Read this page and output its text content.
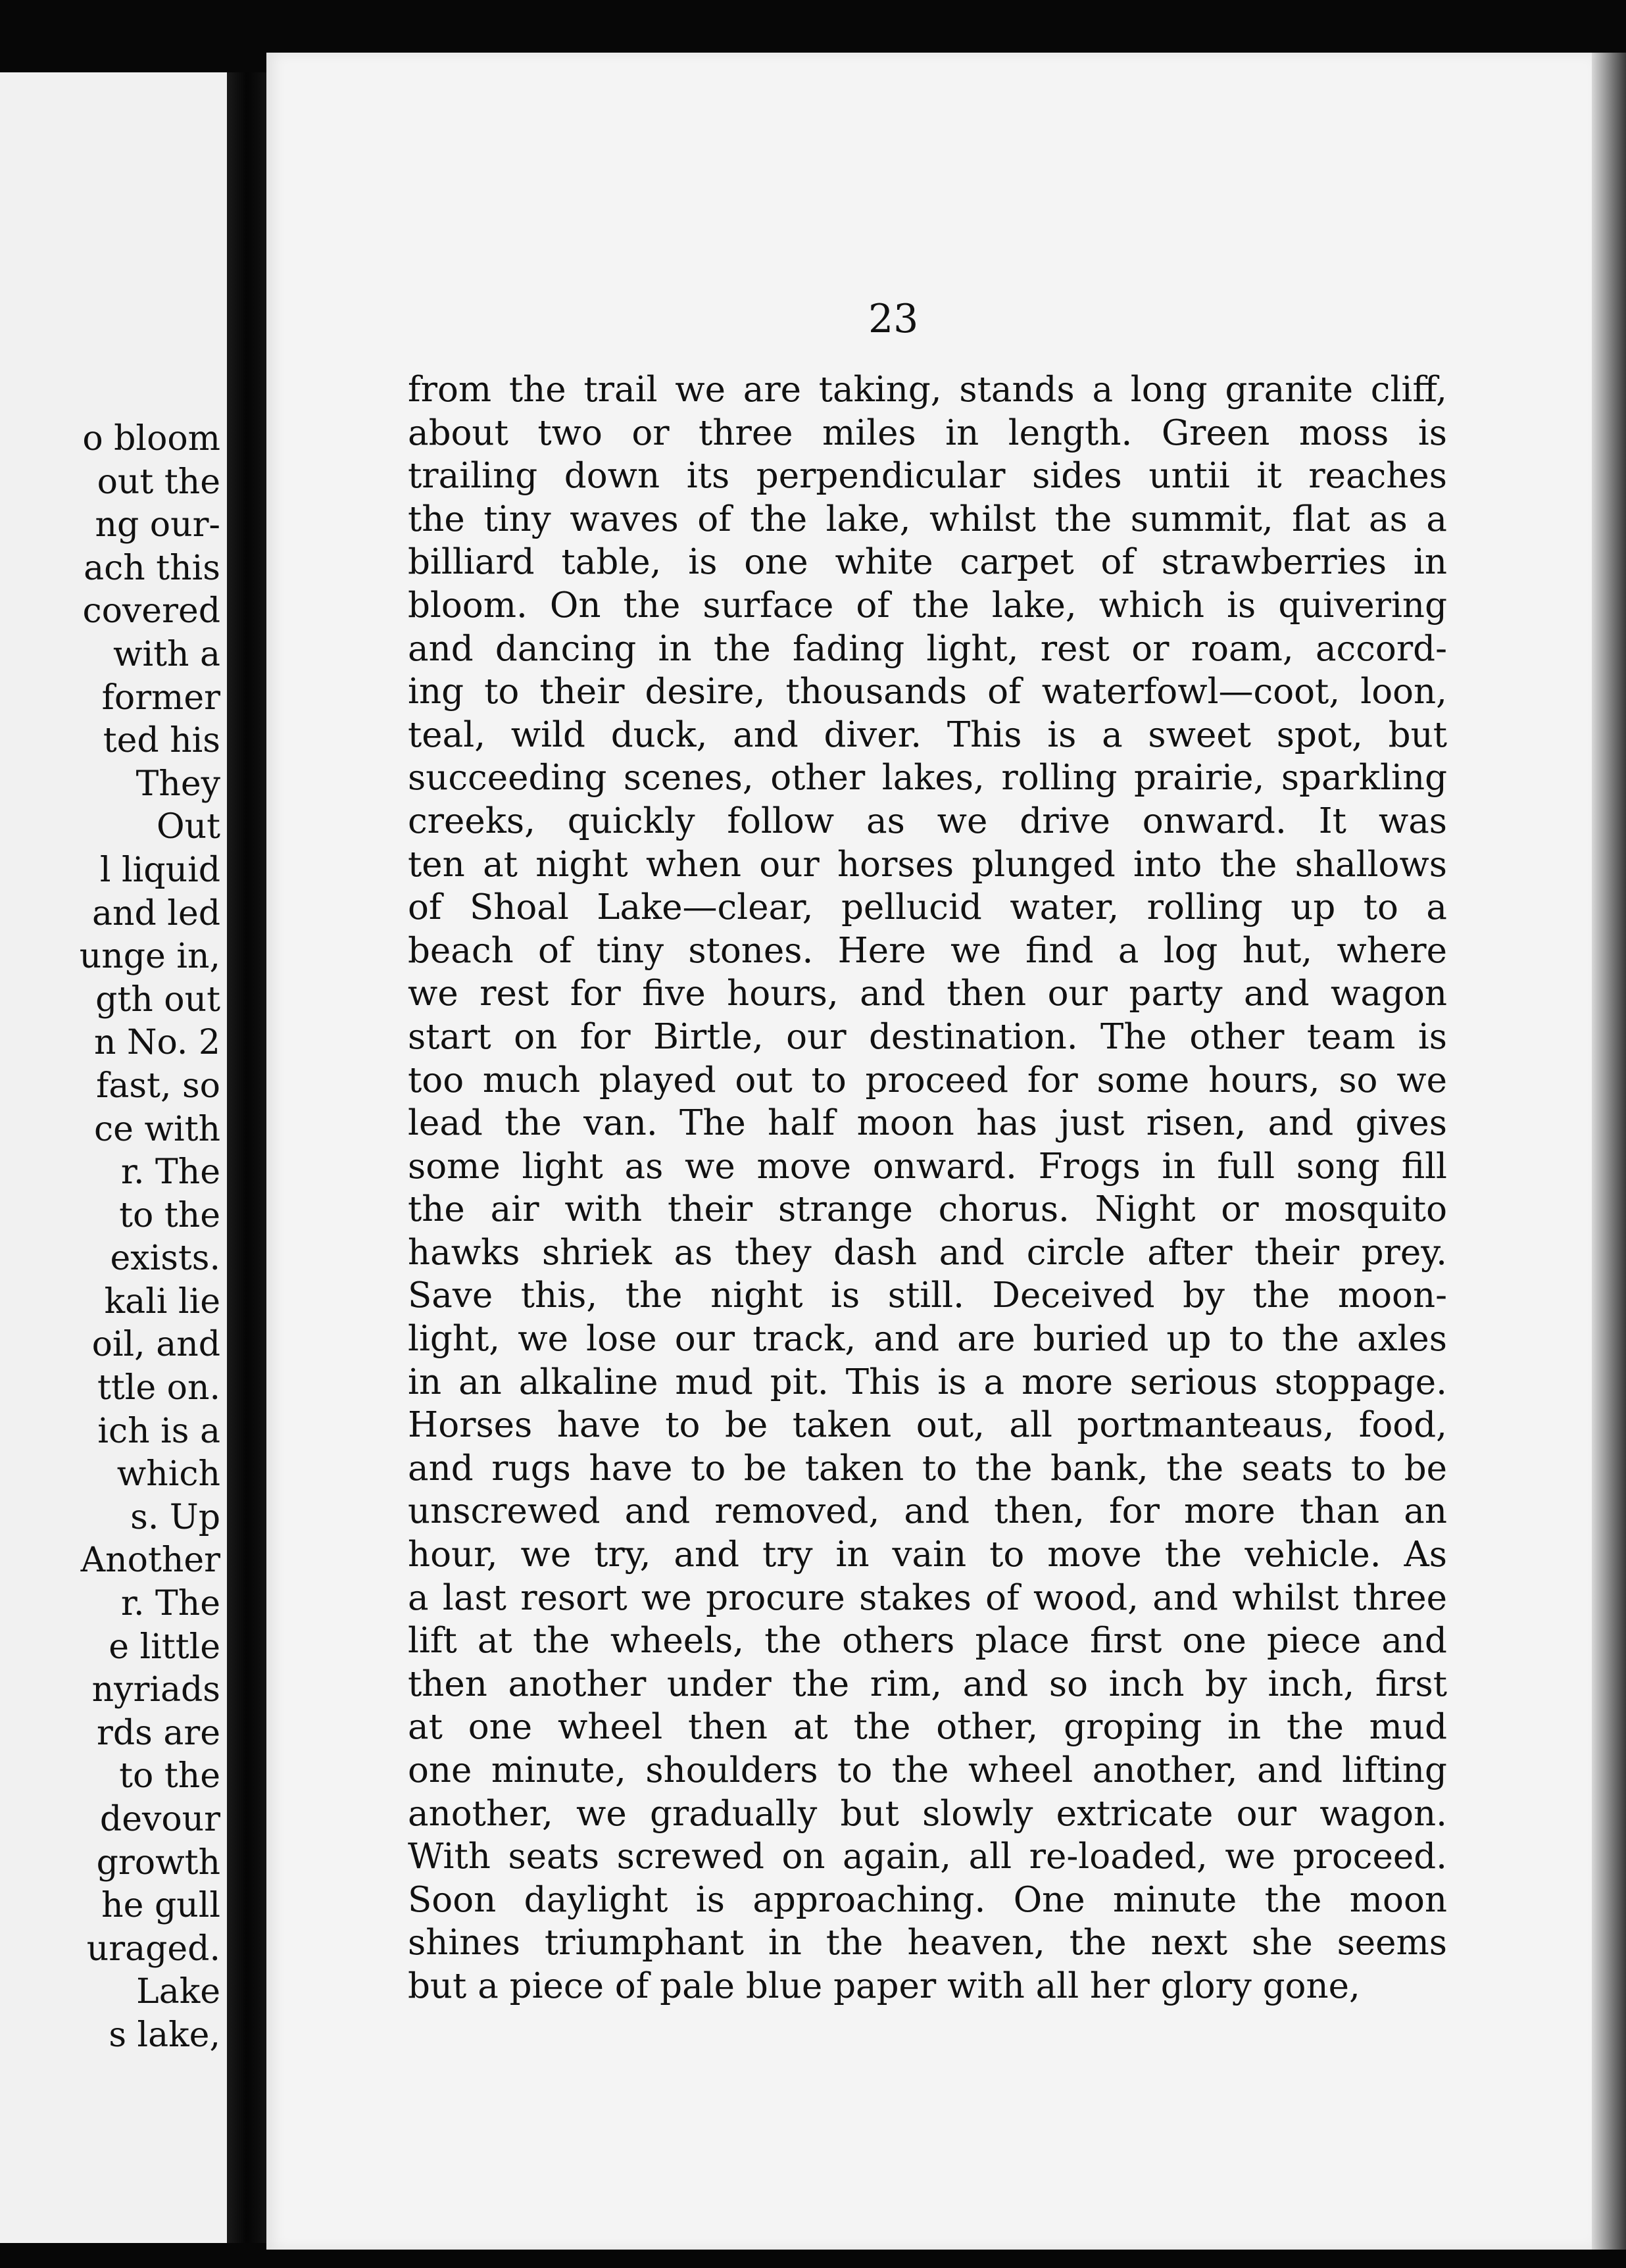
o bloom
out the
ng our-
ach this
covered
with a
former
ted his
They
Out
l liquid
and led
unge in,
gth out
n No. 2
fast, so
ce with
r. The
to the
exists.
kali lie
oil, and
ttle on.
ich is a
which
s. Up
Another
r. The
e little
nyriads
rds are
to the
devour
growth
he gull
uraged.
Lake
s lake,
23
from the trail we are taking, stands a long granite cliff,
about two or three miles in length. Green moss is
trailing down its perpendicular sides untii it reaches
the tiny waves of the lake, whilst the summit, flat as a
billiard table, is one white carpet of strawberries in
bloom. On the surface of the lake, which is quivering
and dancing in the fading light, rest or roam, accord-
ing to their desire, thousands of waterfowl—coot, loon,
teal, wild duck, and diver. This is a sweet spot, but
succeeding scenes, other lakes, rolling prairie, sparkling
creeks, quickly follow as we drive onward. It was
ten at night when our horses plunged into the shallows
of Shoal Lake—clear, pellucid water, rolling up to a
beach of tiny stones. Here we find a log hut, where
we rest for five hours, and then our party and wagon
start on for Birtle, our destination. The other team is
too much played out to proceed for some hours, so we
lead the van. The half moon has just risen, and gives
some light as we move onward. Frogs in full song fill
the air with their strange chorus. Night or mosquito
hawks shriek as they dash and circle after their prey.
Save this, the night is still. Deceived by the moon-
light, we lose our track, and are buried up to the axles
in an alkaline mud pit. This is a more serious stoppage.
Horses have to be taken out, all portmanteaus, food,
and rugs have to be taken to the bank, the seats to be
unscrewed and removed, and then, for more than an
hour, we try, and try in vain to move the vehicle. As
a last resort we procure stakes of wood, and whilst three
lift at the wheels, the others place first one piece and
then another under the rim, and so inch by inch, first
at one wheel then at the other, groping in the mud
one minute, shoulders to the wheel another, and lifting
another, we gradually but slowly extricate our wagon.
With seats screwed on again, all re-loaded, we proceed.
Soon daylight is approaching. One minute the moon
shines triumphant in the heaven, the next she seems
but a piece of pale blue paper with all her glory gone,
